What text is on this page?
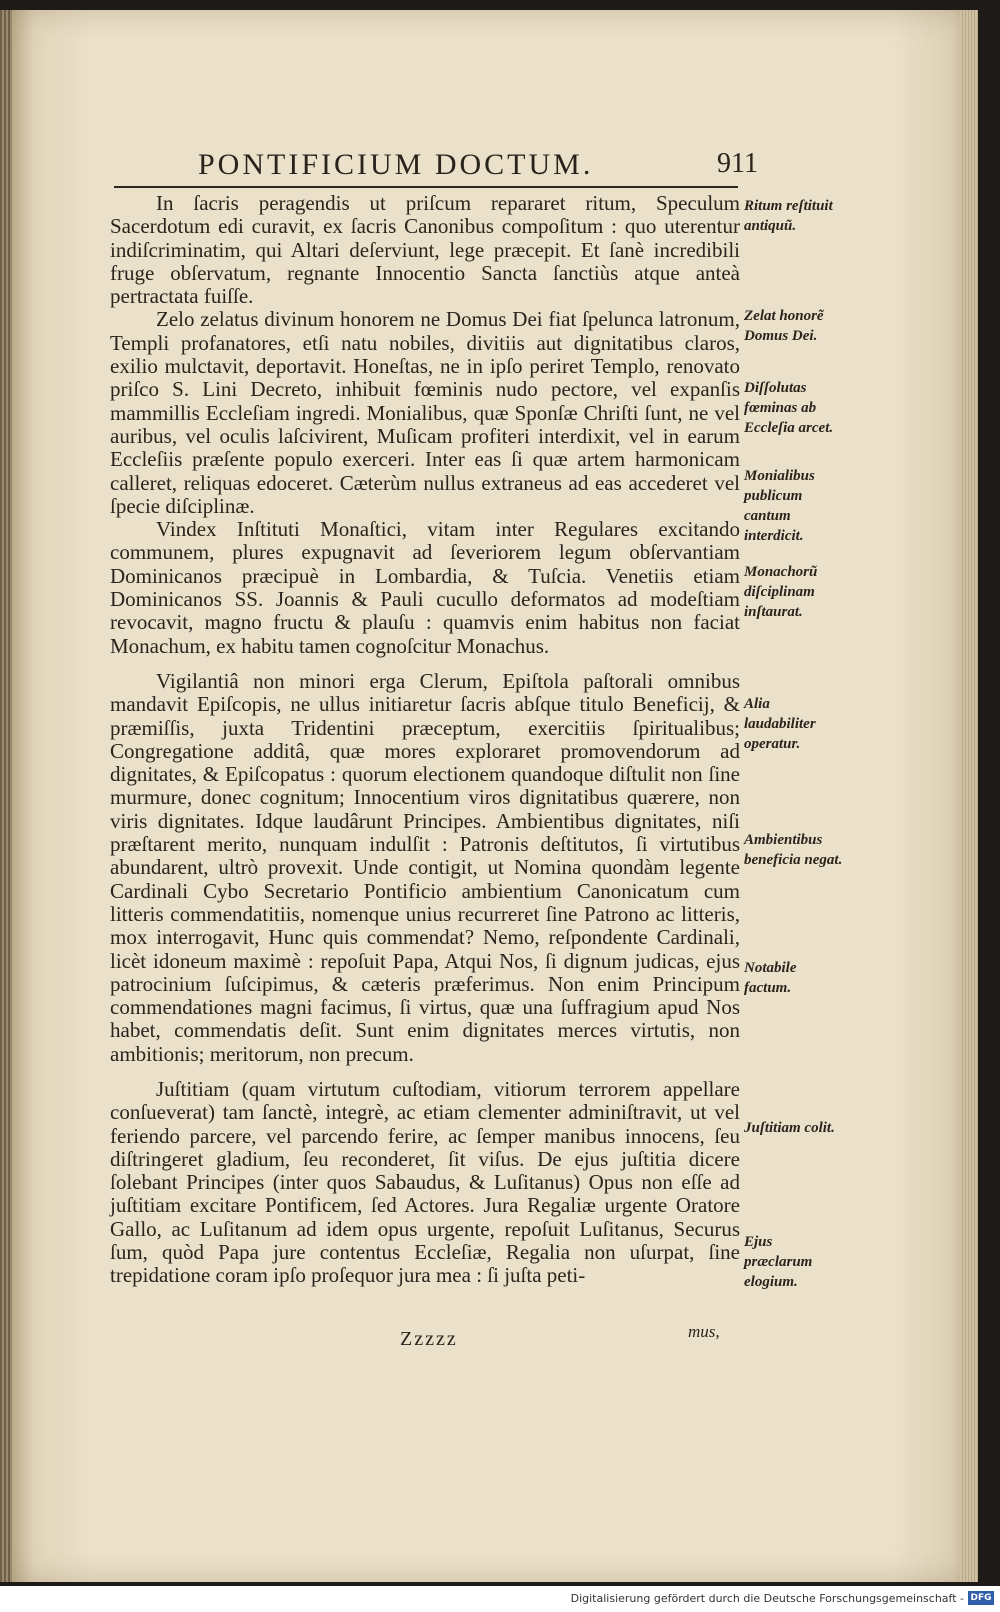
PONTIFICIUM DOCTUM.	911

In ſacris peragendis ut priſcum repararet ritum, Speculum Sacerdotum edi curavit, ex ſacris Canonibus compoſitum : quo uterentur indiſcriminatim, qui Altari deſerviunt, lege præcepit. Et ſanè incredibili fruge obſervatum, regnante Innocentio Sancta ſanctiùs atque anteà pertractata fuiſſe.

Zelo zelatus divinum honorem ne Domus Dei fiat ſpelunca latronum, Templi profanatores, etſi natu nobiles, divitiis aut dignitatibus claros, exilio mulctavit, deportavit. Honeſtas, ne in ipſo periret Templo, renovato priſco S. Lini Decreto, inhibuit fœminis nudo pectore, vel expanſis mammillis Eccleſiam ingredi. Monialibus, quæ Sponſæ Chriſti ſunt, ne vel auribus, vel oculis laſcivirent, Muſicam profiteri interdixit, vel in earum Eccleſiis præſente populo exerceri. Inter eas ſi quæ artem harmonicam calleret, reliquas edoceret. Cæterùm nullus extraneus ad eas accederet vel ſpecie diſciplinæ.

Vindex Inſtituti Monaſtici, vitam inter Regulares excitando communem, plures expugnavit ad ſeveriorem legum obſervantiam Dominicanos præcipuè in Lombardia, & Tuſcia. Venetiis etiam Dominicanos SS. Joannis & Pauli cucullo deformatos ad modeſtiam revocavit, magno fructu & plauſu : quamvis enim habitus non faciat Monachum, ex habitu tamen cognoſcitur Monachus.

Vigilantiâ non minori erga Clerum, Epiſtola paſtorali omnibus mandavit Epiſcopis, ne ullus initiaretur ſacris abſque titulo Beneficij, & præmiſſis, juxta Tridentini præceptum, exercitiis ſpiritualibus; Congregatione additâ, quæ mores exploraret promovendorum ad dignitates, & Epiſcopatus : quorum electionem quandoque diſtulit non ſine murmure, donec cognitum; Innocentium viros dignitatibus quærere, non viris dignitates. Idque laudârunt Principes. Ambientibus dignitates, niſi præſtarent merito, nunquam indulſit : Patronis deſtitutos, ſi virtutibus abundarent, ultrò provexit. Unde contigit, ut Nomina quondàm legente Cardinali Cybo Secretario Pontificio ambientium Canonicatum cum litteris commendatitiis, nomenque unius recurreret ſine Patrono ac litteris, mox interrogavit, Hunc quis commendat? Nemo, reſpondente Cardinali, licèt idoneum maximè : repoſuit Papa, Atqui Nos, ſi dignum judicas, ejus patrocinium ſuſcipimus, & cæteris præferimus. Non enim Principum commendationes magni facimus, ſi virtus, quæ una ſuffragium apud Nos habet, commendatis deſit. Sunt enim dignitates merces virtutis, non ambitionis; meritorum, non precum.

Juſtitiam (quam virtutum cuſtodiam, vitiorum terrorem appellare conſueverat) tam ſanctè, integrè, ac etiam clementer adminiſtravit, ut vel feriendo parcere, vel parcendo ferire, ac ſemper manibus innocens, ſeu diſtringeret gladium, ſeu reconderet, ſit viſus. De ejus juſtitia dicere ſolebant Principes (inter quos Sabaudus, & Luſitanus) Opus non eſſe ad juſtitiam excitare Pontificem, ſed Actores. Jura Regaliæ urgente Oratore Gallo, ac Luſitanum ad idem opus urgente, repoſuit Luſitanus, Securus ſum, quòd Papa jure contentus Eccleſiæ, Regalia non uſurpat, ſine trepidatione coram ipſo proſequor jura mea : ſi juſta peti-

mus,
Zzzzz
Ritum reſtituit antiquũ.
Zelat honorẽ Domus Dei.
Diſſolutas fœminas ab Eccleſia arcet.
Monialibus publicum cantum interdicit.
Monachorũ diſciplinam inſtaurat.
Alia laudabiliter operatur.
Ambientibus beneficia negat.
Notabile factum.
Juſtitiam colit.
Ejus præclarum elogium.
Digitalisierung gefördert durch die Deutsche Forschungsgemeinschaft - DFG
